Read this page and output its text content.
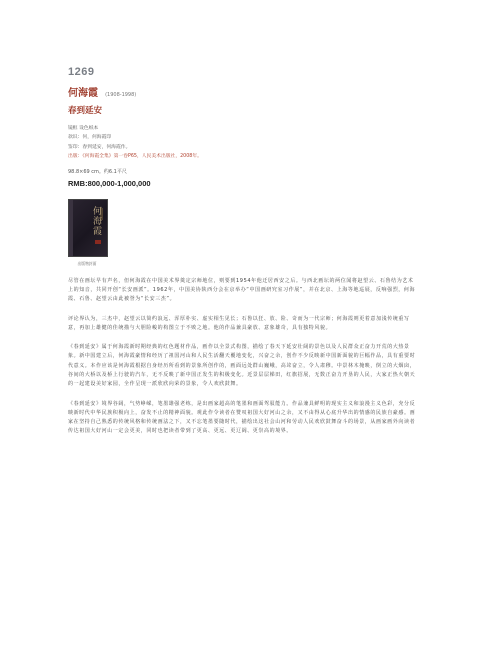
1269
何海霞 (1908-1998)
春到延安
镜框 设色纸本
款识：何，何海霞印
鉴印：春到延安，何海霞作。
出版：《何海霞全集》第一卷P65，人民美术出版社，2008年。
98.8×69 cm。约6.1平尺
RMB:800,000-1,000,000
何海霞
出版物封面
尽管在画坛早有声名，但何海霞在中国美术界奠定宗师地位，则要到1954年他迁居西安之后。与西北画坛的两位闻将赵望云、石鲁结为艺术上的知音，共同开创“长安画派”。1962年，中国美协陕西分会在京举办“中国画研究室习作展”，并在北京、上海等地巡展，反响强烈，何海霞、石鲁、赵望云由此被誉为“长安三杰”。
评论界认为，三杰中，赵望云以简约浪远、浑厚朴实、虚实相生见长；石鲁以狂、放、险、奇而为一代宗师；何海霞则更着意加浅传统重写意，再加上雄健的佳统描与大胆险峻的构图立于不败之地。他的作品兼具豪放、意象雄奇，具有独特风貌。
《春到延安》属于何海霞新时期经典的红色题材作品，画作以全景式构图，描绘了春天下延安壮阔的景色以及人民群众正奋力开荒的大热景象。新中国建立后，何海霞豪情和经历了祖国河山和人民生活翻天覆地变化，兴奋之余，创作不少反映新中国新面貌的巨幅作品，具有重要时代意义。本作应该是何海霞根据自身经历所看到的景象所创作的，画面远处群山巍峨，高耸奋立，令人肃穆。中景林木掩映，倒立的大烟囱，谷间的大桥以及桥上行驶的汽车，无不反映了新中国正发生的积极变化。近景层层梯田，红旗招展，无数正奋力开垦的人民，大家正热火朝天的一起建设美好家园，全作呈现一派欣欣向荣的景象，令人欢欣鼓舞。
《春到延安》境界谷阔，气势峥嵘，笔墨雄强老练，是出画家超高的笔墨和画面驾驭能力。作品兼具鲜明的现实主义和浪漫主义色彩，充分反映新时代中华民族积极向上，奋发不止的精神面貌。观此作令读者在赞叹祖国大好河山之余，又不由得从心底升华出的情感的民族自豪感。画家在坚持自己熟悉的传统风格和传统画法之下，又不忘笔墨要随时代，描绘出这社会山河和劳动人民欢欣鼓舞奋斗的场景，从画家画外向读者传达祖国大好河山一定会更美，同时也把读者带到了更高、更远、更辽阔、更崇高的境界。
